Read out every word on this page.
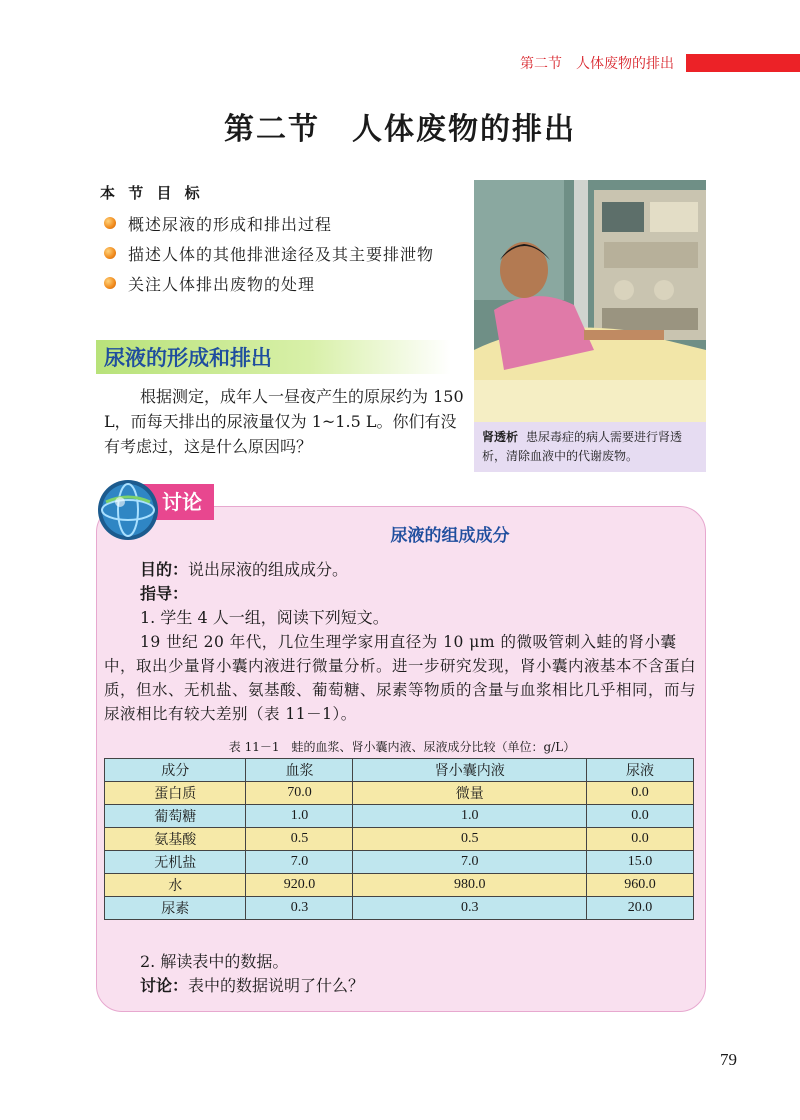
第二节　人体废物的排出
第二节　人体废物的排出
本 节 目 标
概述尿液的形成和排出过程
描述人体的其他排泄途径及其主要排泄物
关注人体排出废物的处理
肾透析 患尿毒症的病人需要进行肾透析，清除血液中的代谢废物。
尿液的形成和排出

根据测定，成年人一昼夜产生的原尿约为 150 L，而每天排出的尿液量仅为 1~1.5 L。你们有没有考虑过，这是什么原因吗？

讨论
尿液的组成成分

目的：说出尿液的组成成分。

指导：

1. 学生 4 人一组，阅读下列短文。

19 世纪 20 年代，几位生理学家用直径为 10 μm 的微吸管刺入蛙的肾小囊中，取出少量肾小囊内液进行微量分析。进一步研究发现，肾小囊内液基本不含蛋白质，但水、无机盐、氨基酸、葡萄糖、尿素等物质的含量与血浆相比几乎相同，而与尿液相比有较大差别（表 11－1）。

表 11－1　蛙的血浆、肾小囊内液、尿液成分比较（单位：g/L）
成分	血浆	肾小囊内液	尿液
蛋白质	70.0	微量	0.0
葡萄糖	1.0	1.0	0.0
氨基酸	0.5	0.5	0.0
无机盐	7.0	7.0	15.0
水	920.0	980.0	960.0
尿素	0.3	0.3	20.0

2. 解读表中的数据。

讨论：表中的数据说明了什么？

79
